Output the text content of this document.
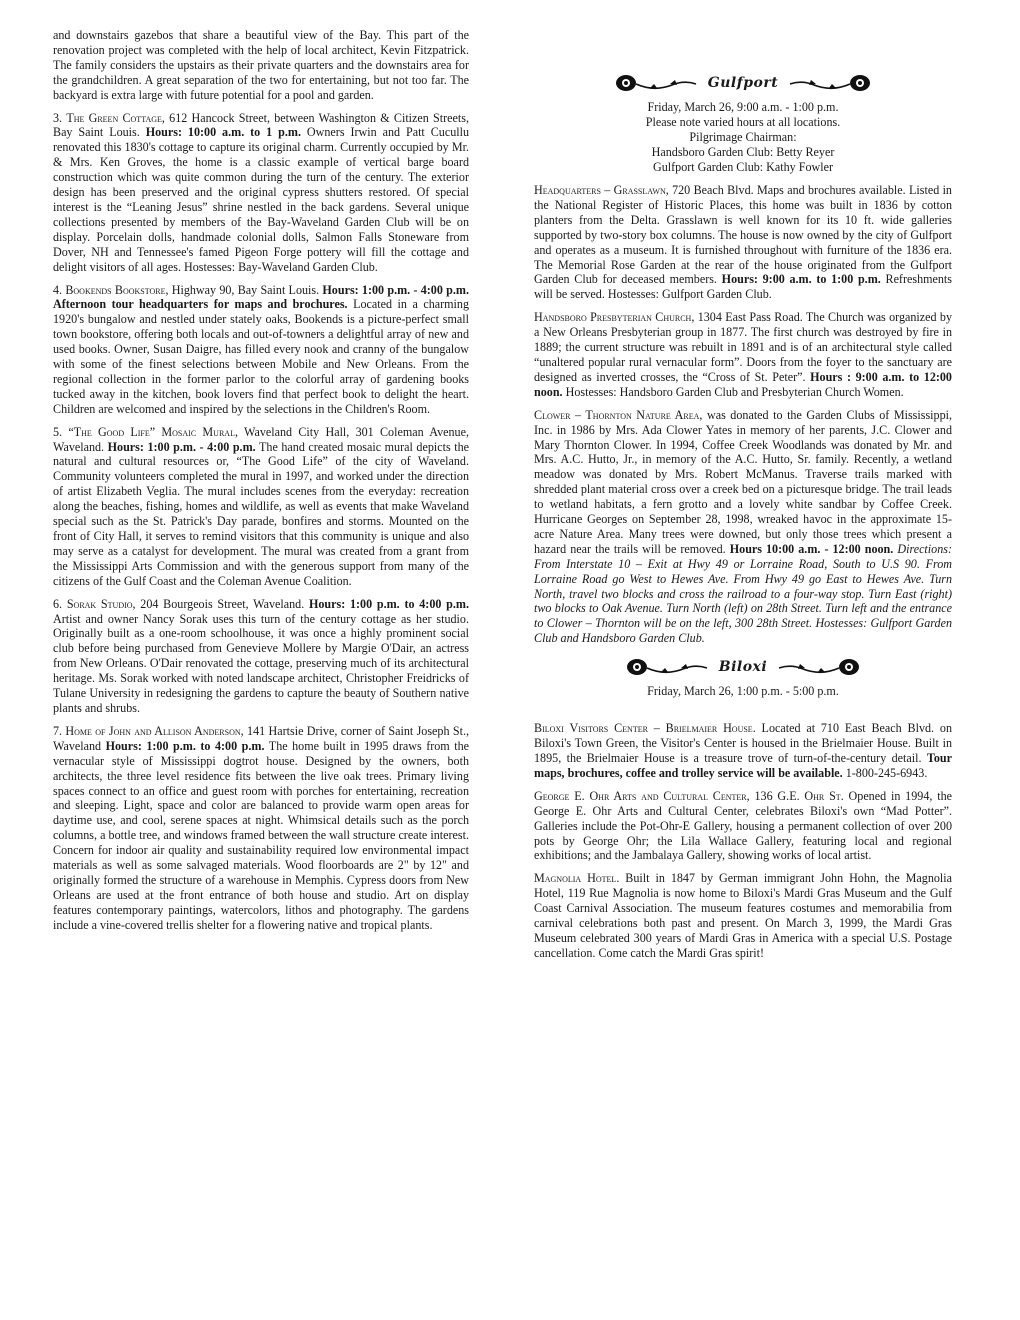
and downstairs gazebos that share a beautiful view of the Bay. This part of the renovation project was completed with the help of local architect, Kevin Fitzpatrick. The family considers the upstairs as their private quarters and the downstairs area for the grandchildren. A great separation of the two for entertaining, but not too far. The backyard is extra large with future potential for a pool and garden.

3. The Green Cottage, 612 Hancock Street, between Washington & Citizen Streets, Bay Saint Louis. Hours: 10:00 a.m. to 1 p.m. Owners Irwin and Patt Cucullu renovated this 1830's cottage to capture its original charm. Currently occupied by Mr. & Mrs. Ken Groves, the home is a classic example of vertical barge board construction which was quite common during the turn of the century. The exterior design has been preserved and the original cypress shutters restored. Of special interest is the “Leaning Jesus” shrine nestled in the back gardens. Several unique collections presented by members of the Bay-Waveland Garden Club will be on display. Porcelain dolls, handmade colonial dolls, Salmon Falls Stoneware from Dover, NH and Tennessee's famed Pigeon Forge pottery will fill the cottage and delight visitors of all ages. Hostesses: Bay-Waveland Garden Club.

4. Bookends Bookstore, Highway 90, Bay Saint Louis. Hours: 1:00 p.m. - 4:00 p.m. Afternoon tour headquarters for maps and brochures. Located in a charming 1920's bungalow and nestled under stately oaks, Bookends is a picture-perfect small town bookstore, offering both locals and out-of-towners a delightful array of new and used books. Owner, Susan Daigre, has filled every nook and cranny of the bungalow with some of the finest selections between Mobile and New Orleans. From the regional collection in the former parlor to the colorful array of gardening books tucked away in the kitchen, book lovers find that perfect book to delight the heart. Children are welcomed and inspired by the selections in the Children's Room.

5. “The Good Life” Mosaic Mural, Waveland City Hall, 301 Coleman Avenue, Waveland. Hours: 1:00 p.m. - 4:00 p.m. The hand created mosaic mural depicts the natural and cultural resources or, “The Good Life” of the city of Waveland. Community volunteers completed the mural in 1997, and worked under the direction of artist Elizabeth Veglia. The mural includes scenes from the everyday: recreation along the beaches, fishing, homes and wildlife, as well as events that make Waveland special such as the St. Patrick's Day parade, bonfires and storms. Mounted on the front of City Hall, it serves to remind visitors that this community is unique and also may serve as a catalyst for development. The mural was created from a grant from the Mississippi Arts Commission and with the generous support from many of the citizens of the Gulf Coast and the Coleman Avenue Coalition.

6. Sorak Studio, 204 Bourgeois Street, Waveland. Hours: 1:00 p.m. to 4:00 p.m. Artist and owner Nancy Sorak uses this turn of the century cottage as her studio. Originally built as a one-room schoolhouse, it was once a highly prominent social club before being purchased from Genevieve Mollere by Margie O'Dair, an actress from New Orleans. O'Dair renovated the cottage, preserving much of its architectural heritage. Ms. Sorak worked with noted landscape architect, Christopher Freidricks of Tulane University in redesigning the gardens to capture the beauty of Southern native plants and shrubs.

7. Home of John and Allison Anderson, 141 Hartsie Drive, corner of Saint Joseph St., Waveland Hours: 1:00 p.m. to 4:00 p.m. The home built in 1995 draws from the vernacular style of Mississippi dogtrot house. Designed by the owners, both architects, the three level residence fits between the live oak trees. Primary living spaces connect to an office and guest room with porches for entertaining, recreation and sleeping. Light, space and color are balanced to provide warm open areas for daytime use, and cool, serene spaces at night. Whimsical details such as the porch columns, a bottle tree, and windows framed between the wall structure create interest. Concern for indoor air quality and sustainability required low environmental impact materials as well as some salvaged materials. Wood floorboards are 2" by 12" and originally formed the structure of a warehouse in Memphis. Cypress doors from New Orleans are used at the front entrance of both house and studio. Art on display features contemporary paintings, watercolors, lithos and photography. The gardens include a vine-covered trellis shelter for a flowering native and tropical plants.

Gulfport
Friday, March 26, 9:00 a.m. - 1:00 p.m.
Please note varied hours at all locations.
Pilgrimage Chairman:
Handsboro Garden Club: Betty Reyer
Gulfport Garden Club: Kathy Fowler

Headquarters – Grasslawn, 720 Beach Blvd. Maps and brochures available. Listed in the National Register of Historic Places, this home was built in 1836 by cotton planters from the Delta. Grasslawn is well known for its 10 ft. wide galleries supported by two-story box columns. The house is now owned by the city of Gulfport and operates as a museum. It is furnished throughout with furniture of the 1836 era. The Memorial Rose Garden at the rear of the house originated from the Gulfport Garden Club for deceased members. Hours: 9:00 a.m. to 1:00 p.m. Refreshments will be served. Hostesses: Gulfport Garden Club.

Handsboro Presbyterian Church, 1304 East Pass Road. The Church was organized by a New Orleans Presbyterian group in 1877. The first church was destroyed by fire in 1889; the current structure was rebuilt in 1891 and is of an architectural style called “unaltered popular rural vernacular form”. Doors from the foyer to the sanctuary are designed as inverted crosses, the “Cross of St. Peter”. Hours : 9:00 a.m. to 12:00 noon. Hostesses: Handsboro Garden Club and Presbyterian Church Women.

Clower – Thornton Nature Area, was donated to the Garden Clubs of Mississippi, Inc. in 1986 by Mrs. Ada Clower Yates in memory of her parents, J.C. Clower and Mary Thornton Clower. In 1994, Coffee Creek Woodlands was donated by Mr. and Mrs. A.C. Hutto, Jr., in memory of the A.C. Hutto, Sr. family. Recently, a wetland meadow was donated by Mrs. Robert McManus. Traverse trails marked with shredded plant material cross over a creek bed on a picturesque bridge. The trail leads to wetland habitats, a fern grotto and a lovely white sandbar by Coffee Creek. Hurricane Georges on September 28, 1998, wreaked havoc in the approximate 15-acre Nature Area. Many trees were downed, but only those trees which present a hazard near the trails will be removed. Hours 10:00 a.m. - 12:00 noon. Directions: From Interstate 10 – Exit at Hwy 49 or Lorraine Road, South to U.S 90. From Lorraine Road go West to Hewes Ave. From Hwy 49 go East to Hewes Ave. Turn North, travel two blocks and cross the railroad to a four-way stop. Turn East (right) two blocks to Oak Avenue. Turn North (left) on 28th Street. Turn left and the entrance to Clower – Thornton will be on the left, 300 28th Street. Hostesses: Gulfport Garden Club and Handsboro Garden Club.

Biloxi
Friday, March 26, 1:00 p.m. - 5:00 p.m.

Biloxi Visitors Center – Brielmaier House. Located at 710 East Beach Blvd. on Biloxi's Town Green, the Visitor's Center is housed in the Brielmaier House. Built in 1895, the Brielmaier House is a treasure trove of turn-of-the-century detail. Tour maps, brochures, coffee and trolley service will be available. 1-800-245-6943.

George E. Ohr Arts and Cultural Center, 136 G.E. Ohr St. Opened in 1994, the George E. Ohr Arts and Cultural Center, celebrates Biloxi's own “Mad Potter”. Galleries include the Pot-Ohr-E Gallery, housing a permanent collection of over 200 pots by George Ohr; the Lila Wallace Gallery, featuring local and regional exhibitions; and the Jambalaya Gallery, showing works of local artist.

Magnolia Hotel. Built in 1847 by German immigrant John Hohn, the Magnolia Hotel, 119 Rue Magnolia is now home to Biloxi's Mardi Gras Museum and the Gulf Coast Carnival Association. The museum features costumes and memorabilia from carnival celebrations both past and present. On March 3, 1999, the Mardi Gras Museum celebrated 300 years of Mardi Gras in America with a special U.S. Postage cancellation. Come catch the Mardi Gras spirit!
